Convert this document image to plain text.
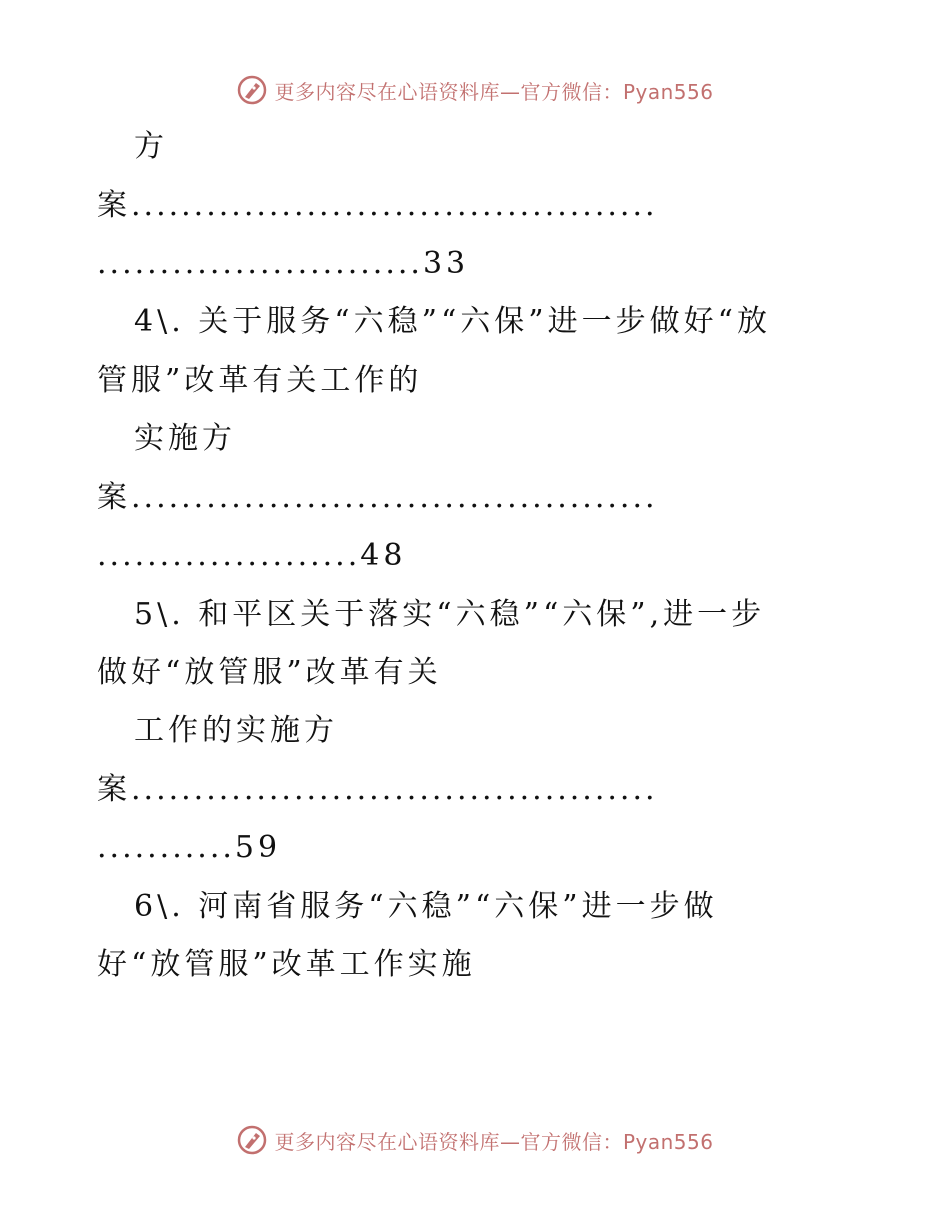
更多内容尽在心语资料库—官方微信：Pyan556
方
案..........................................
..........................33
4\. 关于服务“六稳”“六保”进一步做好“放
管服”改革有关工作的
实施方
案..........................................
.....................48
5\. 和平区关于落实“六稳”“六保”,进一步
做好“放管服”改革有关
工作的实施方
案..........................................
...........59
6\. 河南省服务“六稳”“六保”进一步做
好“放管服”改革工作实施
更多内容尽在心语资料库—官方微信：Pyan556
